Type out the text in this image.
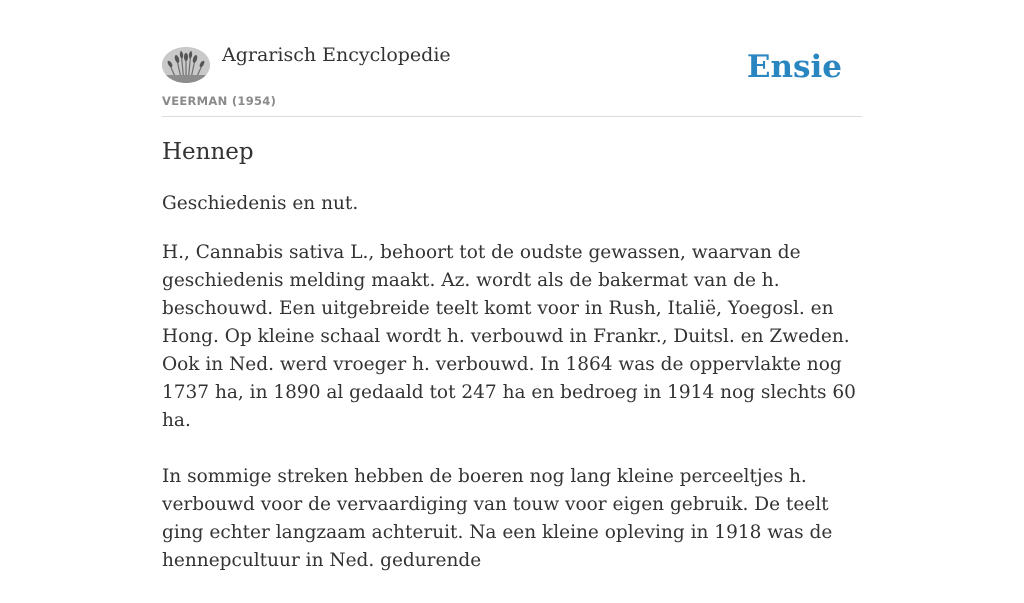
Agrarisch Encyclopedie
VEERMAN (1954)
Ensie
Hennep

Geschiedenis en nut.

H., Cannabis sativa L., behoort tot de oudste gewassen, waarvan de geschiedenis melding maakt. Az. wordt als de bakermat van de h. beschouwd. Een uitgebreide teelt komt voor in Rush, Italië, Yoegosl. en Hong. Op kleine schaal wordt h. verbouwd in Frankr., Duitsl. en Zweden. Ook in Ned. werd vroeger h. verbouwd. In 1864 was de oppervlakte nog 1737 ha, in 1890 al gedaald tot 247 ha en bedroeg in 1914 nog slechts 60 ha.

In sommige streken hebben de boeren nog lang kleine perceeltjes h. verbouwd voor de vervaardiging van touw voor eigen gebruik. De teelt ging echter langzaam achteruit. Na een kleine opleving in 1918 was de hennepcultuur in Ned. gedurende
